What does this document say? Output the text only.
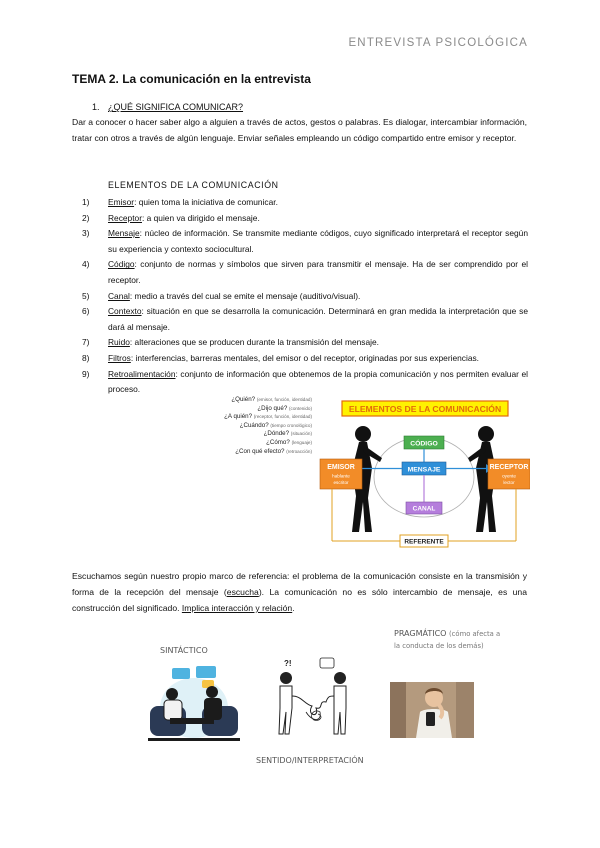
ENTREVISTA PSICOLÓGICA
TEMA 2. La comunicación en la entrevista
1. ¿QUÉ SIGNIFICA COMUNICAR?
Dar a conocer o hacer saber algo a alguien a través de actos, gestos o palabras. Es dialogar, intercambiar información, tratar con otros a través de algún lenguaje. Enviar señales empleando un código compartido entre emisor y receptor.
ELEMENTOS DE LA COMUNICACIÓN
1) Emisor: quien toma la iniciativa de comunicar.
2) Receptor: a quien va dirigido el mensaje.
3) Mensaje: núcleo de información. Se transmite mediante códigos, cuyo significado interpretará el receptor según su experiencia y contexto sociocultural.
4) Código: conjunto de normas y símbolos que sirven para transmitir el mensaje. Ha de ser comprendido por el receptor.
5) Canal: medio a través del cual se emite el mensaje (auditivo/visual).
6) Contexto: situación en que se desarrolla la comunicación. Determinará en gran medida la interpretación que se dará al mensaje.
7) Ruido: alteraciones que se producen durante la transmisión del mensaje.
8) Filtros: interferencias, barreras mentales, del emisor o del receptor, originadas por sus experiencias.
9) Retroalimentación: conjunto de información que obtenemos de la propia comunicación y nos permiten evaluar el proceso.
¿Quién? (emisor, función, identidad)
¿Dijo qué? (contenido)
¿A quién? (receptor, función, identidad)
¿Cuándo? (tiempo cronológico)
¿Dónde? (situación)
¿Cómo? (lenguaje)
¿Con qué efecto? (retroacción)
ELEMENTOS DE LA COMUNICACIÓN
CÓDIGO
MENSAJE
CANAL
EMISOR
hablante
escritor
RECEPTOR
oyente
lector
REFERENTE
Escuchamos según nuestro propio marco de referencia: el problema de la comunicación consiste en la transmisión y forma de la recepción del mensaje (escucha). La comunicación no es sólo intercambio de mensaje, es una construcción del significado. Implica interacción y relación.
SINTÁCTICO
PRAGMÁTICO (cómo afecta a la conducta de los demás)
SENTIDO/INTERPRETACIÓN
?!
